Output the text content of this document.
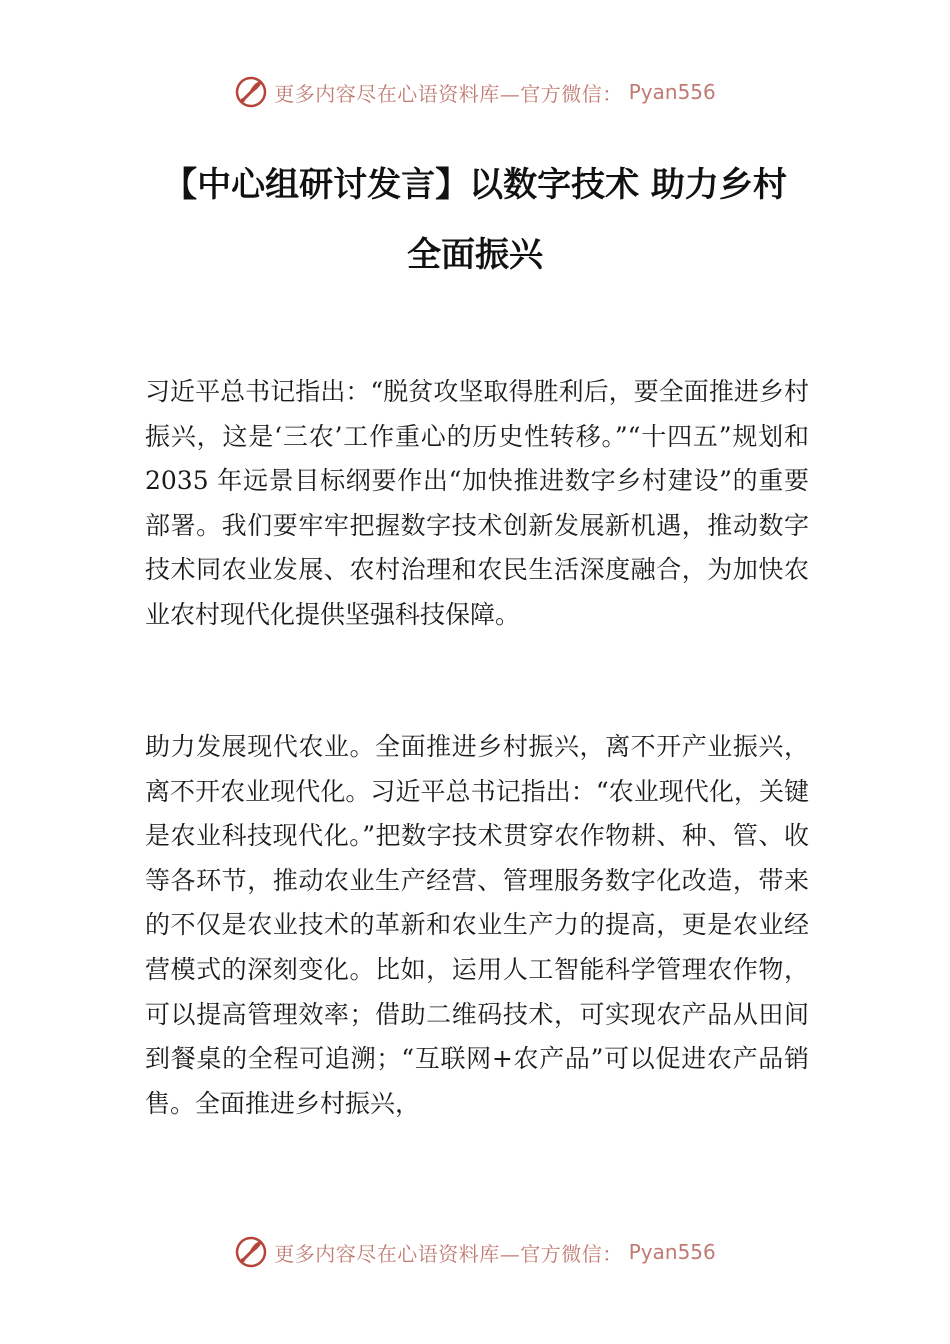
更多内容尽在心语资料库—官方微信： Pyan556
【中心组研讨发言】以数字技术 助力乡村
全面振兴

习近平总书记指出：“脱贫攻坚取得胜利后，要全面推进乡村振兴，这是‘三农’工作重心的历史性转移。”“十四五”规划和 2035 年远景目标纲要作出“加快推进数字乡村建设”的重要部署。我们要牢牢把握数字技术创新发展新机遇，推动数字技术同农业发展、农村治理和农民生活深度融合，为加快农业农村现代化提供坚强科技保障。

助力发展现代农业。全面推进乡村振兴，离不开产业振兴，离不开农业现代化。习近平总书记指出：“农业现代化，关键是农业科技现代化。”把数字技术贯穿农作物耕、种、管、收等各环节，推动农业生产经营、管理服务数字化改造，带来的不仅是农业技术的革新和农业生产力的提高，更是农业经营模式的深刻变化。比如，运用人工智能科学管理农作物，可以提高管理效率；借助二维码技术，可实现农产品从田间到餐桌的全程可追溯；“互联网+农产品”可以促进农产品销售。全面推进乡村振兴，

更多内容尽在心语资料库—官方微信： Pyan556
